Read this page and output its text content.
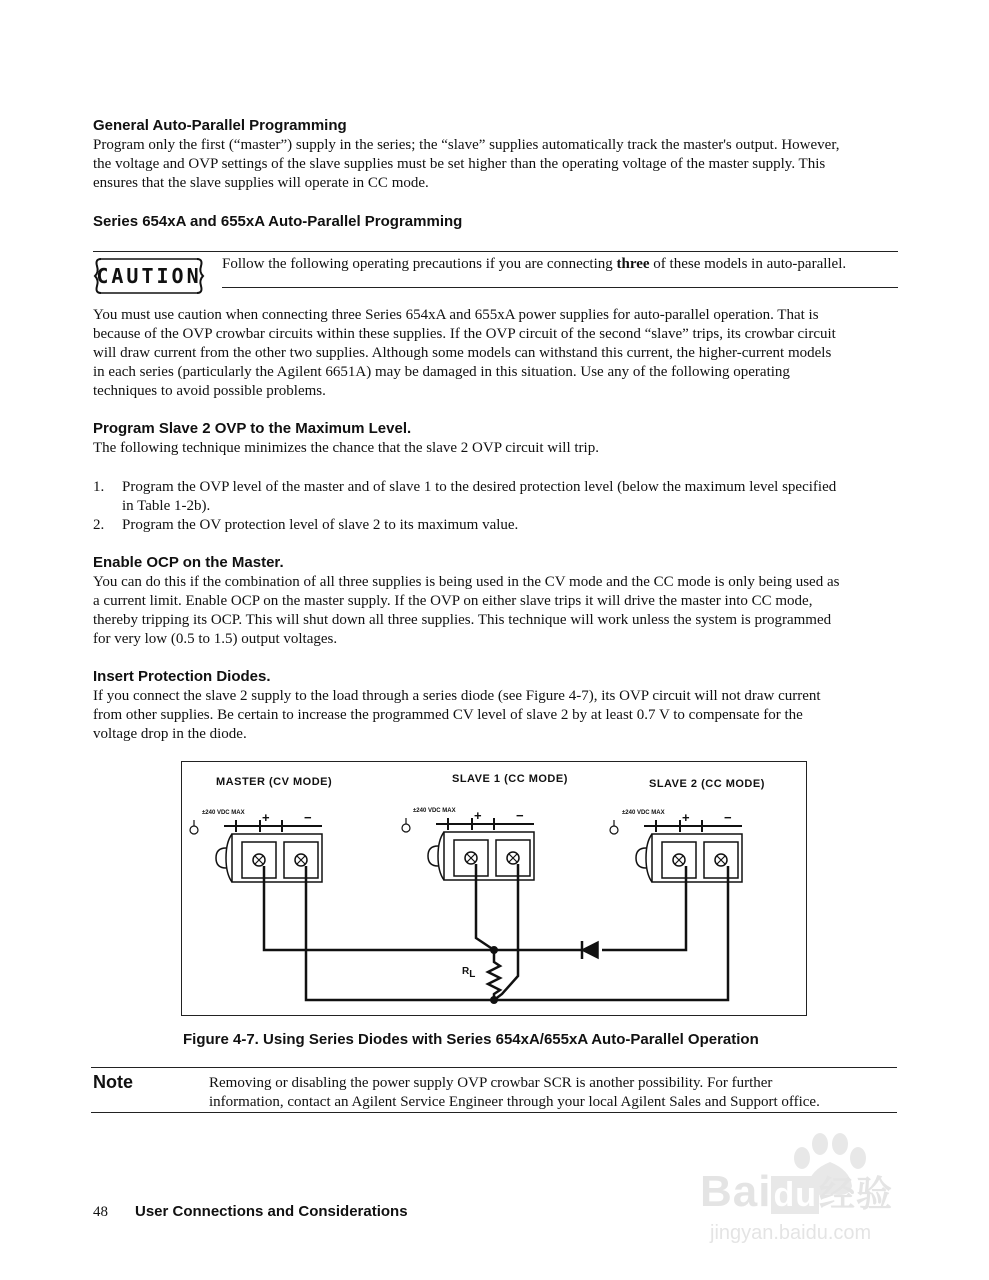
General Auto-Parallel Programming
Program only the first (“master”) supply in the series; the “slave” supplies automatically track the master's output. However,
the voltage and OVP settings of the slave supplies must be set higher than the operating voltage of the master supply. This
ensures that the slave supplies will operate in CC mode.
Series 654xA and 655xA Auto-Parallel Programming
CAUTION Follow the following operating precautions if you are connecting three of these models in auto-parallel.
You must use caution when connecting three Series 654xA and 655xA power supplies for auto-parallel operation. That is
because of the OVP crowbar circuits within these supplies. If the OVP circuit of the second “slave” trips, its crowbar circuit
will draw current from the other two supplies. Although some models can withstand this current, the higher-current models
in each series (particularly the Agilent 6651A) may be damaged in this situation. Use any of the following operating
techniques to avoid possible problems.
Program Slave 2 OVP to the Maximum Level.
The following technique minimizes the chance that the slave 2 OVP circuit will trip.
1. Program the OVP level of the master and of slave 1 to the desired protection level (below the maximum level specified
in Table 1-2b).
2. Program the OV protection level of slave 2 to its maximum value.
Enable OCP on the Master.
You can do this if the combination of all three supplies is being used in the CV mode and the CC mode is only being used as
a current limit. Enable OCP on the master supply. If the OVP on either slave trips it will drive the master into CC mode,
thereby tripping its OCP. This will shut down all three supplies. This technique will work unless the system is programmed
for very low (0.5 to 1.5) output voltages.
Insert Protection Diodes.
If you connect the slave 2 supply to the load through a series diode (see Figure 4-7), its OVP circuit will not draw current
from other supplies. Be certain to increase the programmed CV level of slave 2 by at least 0.7 V to compensate for the
voltage drop in the diode.
MASTER (CV MODE)	SLAVE 1 (CC MODE)	SLAVE 2 (CC MODE)
±240 VDC MAX	±240 VDC MAX	±240 VDC MAX
+	−	+	−	+	−
$R_L$
Figure 4-7. Using Series Diodes with Series 654xA/655xA Auto-Parallel Operation
Note	Removing or disabling the power supply OVP crowbar SCR is another possibility. For further
information, contact an Agilent Service Engineer through your local Agilent Sales and Support office.
48 User Connections and Considerations	Baidu经验
jingyan.baidu.com
